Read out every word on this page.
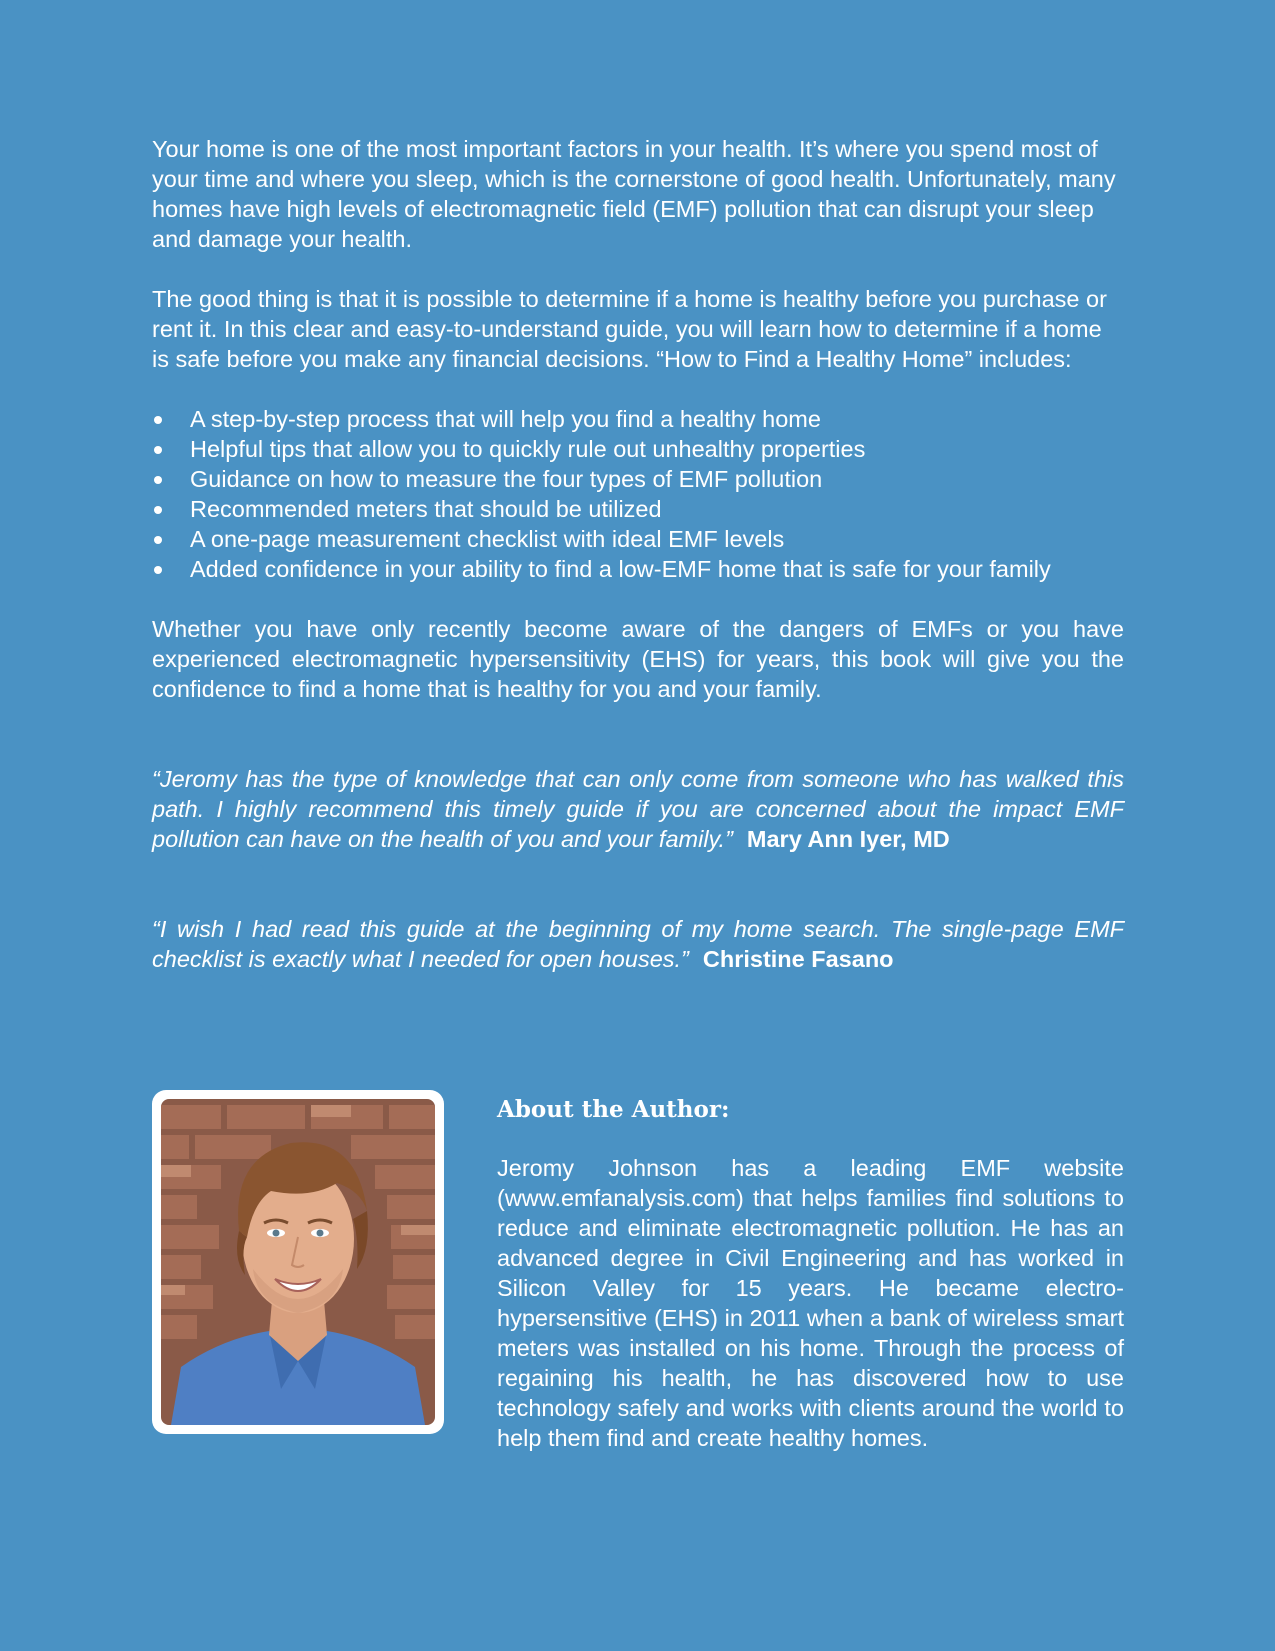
Your home is one of the most important factors in your health. It’s where you spend most of your time and where you sleep, which is the cornerstone of good health. Unfortunately, many homes have high levels of electromagnetic field (EMF) pollution that can disrupt your sleep and damage your health.

The good thing is that it is possible to determine if a home is healthy before you purchase or rent it. In this clear and easy-to-understand guide, you will learn how to determine if a home is safe before you make any financial decisions. “How to Find a Healthy Home” includes:

A step-by-step process that will help you find a healthy home
Helpful tips that allow you to quickly rule out unhealthy properties
Guidance on how to measure the four types of EMF pollution
Recommended meters that should be utilized
A one-page measurement checklist with ideal EMF levels
Added confidence in your ability to find a low-EMF home that is safe for your family

Whether you have only recently become aware of the dangers of EMFs or you have experienced electromagnetic hypersensitivity (EHS) for years, this book will give you the confidence to find a home that is healthy for you and your family.

“Jeromy has the type of knowledge that can only come from someone who has walked this path. I highly recommend this timely guide if you are concerned about the impact EMF pollution can have on the health of you and your family.” Mary Ann Iyer, MD

“I wish I had read this guide at the beginning of my home search. The single-page EMF checklist is exactly what I needed for open houses.” Christine Fasano

About the Author:

Jeromy Johnson has a leading EMF website (www.emfanalysis.com) that helps families find solutions to reduce and eliminate electromagnetic pollution. He has an advanced degree in Civil Engineering and has worked in Silicon Valley for 15 years. He became electro-hypersensitive (EHS) in 2011 when a bank of wireless smart meters was installed on his home. Through the process of regaining his health, he has discovered how to use technology safely and works with clients around the world to help them find and create healthy homes.
